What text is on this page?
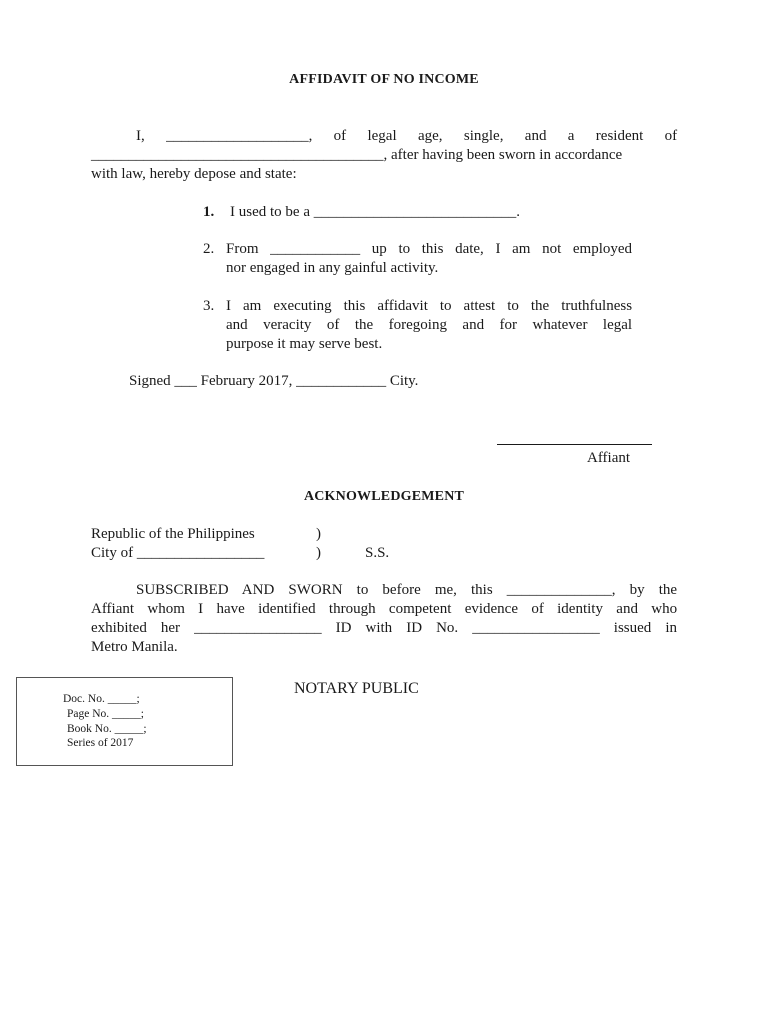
AFFIDAVIT OF NO INCOME
I, ___________________, of legal age, single, and a resident of
_______________________________________, after having been sworn in accordance
with law, hereby depose and state:
1. I used to be a ___________________________.
2. From ____________ up to this date, I am not employed
nor engaged in any gainful activity.
3. I am executing this affidavit to attest to the truthfulness
and veracity of the foregoing and for whatever legal
purpose it may serve best.
Signed ___ February 2017, ____________ City.
Affiant
ACKNOWLEDGEMENT
Republic of the Philippines	)
City of _________________	)	S.S.
SUBSCRIBED AND SWORN to before me, this ______________, by the
Affiant whom I have identified through competent evidence of identity and who
exhibited her _________________ ID with ID No. _________________ issued in
Metro Manila.
NOTARY PUBLIC
Doc. No. _____;
Page No. _____;
Book No. _____;
Series of 2017
